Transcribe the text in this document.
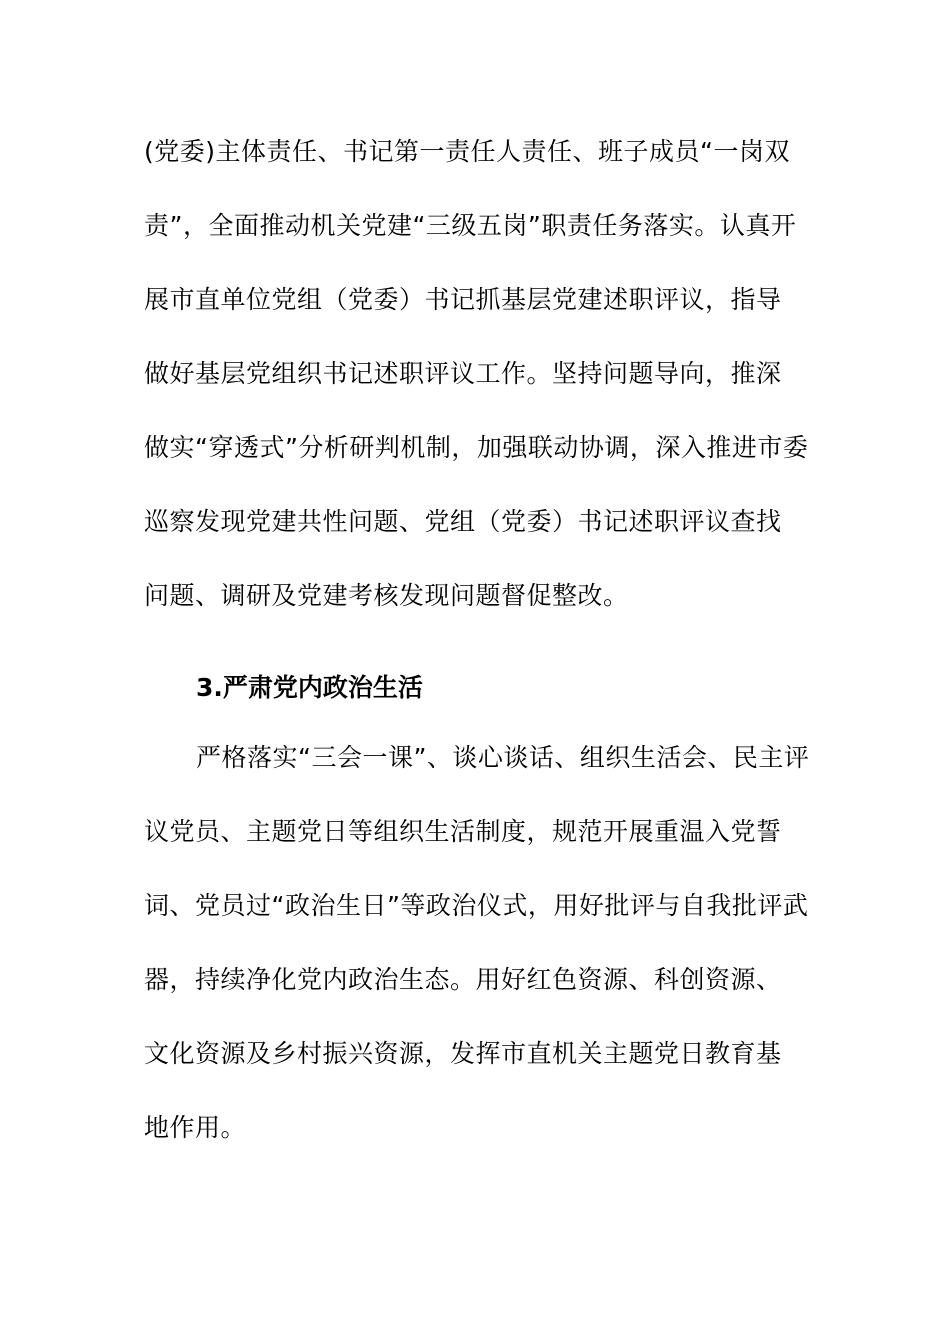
(党委)主体责任、书记第一责任人责任、班子成员“一岗双
责”，全面推动机关党建“三级五岗”职责任务落实。认真开
展市直单位党组（党委）书记抓基层党建述职评议，指导
做好基层党组织书记述职评议工作。坚持问题导向，推深
做实“穿透式”分析研判机制，加强联动协调，深入推进市委
巡察发现党建共性问题、党组（党委）书记述职评议查找
问题、调研及党建考核发现问题督促整改。
3.严肃党内政治生活
严格落实“三会一课”、谈心谈话、组织生活会、民主评
议党员、主题党日等组织生活制度，规范开展重温入党誓
词、党员过“政治生日”等政治仪式，用好批评与自我批评武
器，持续净化党内政治生态。用好红色资源、科创资源、
文化资源及乡村振兴资源，发挥市直机关主题党日教育基
地作用。
